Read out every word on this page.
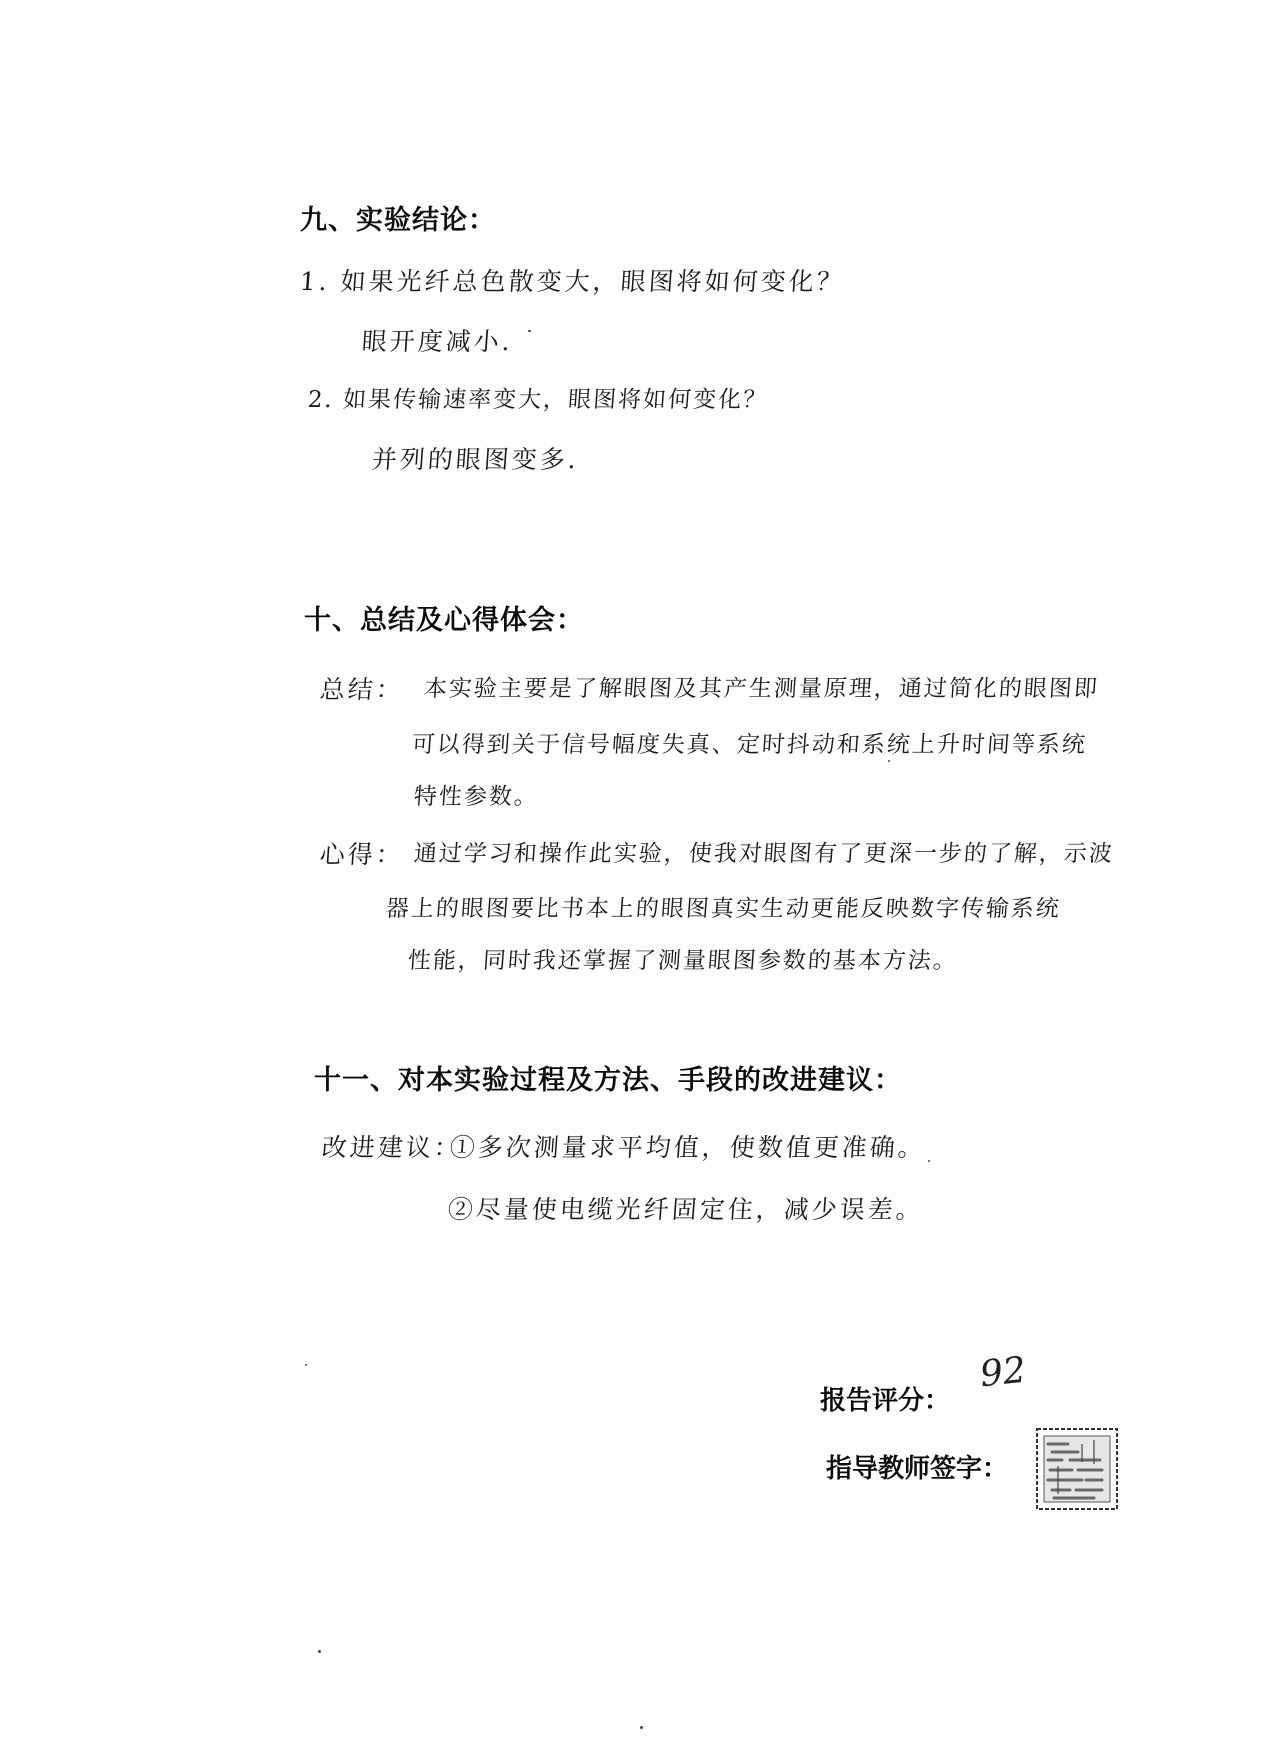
九、实验结论：
1. 如果光纤总色散变大，眼图将如何变化？
眼开度减小.
2. 如果传输速率变大，眼图将如何变化？
并列的眼图变多.
十、总结及心得体会：
总结： 本实验主要是了解眼图及其产生测量原理，通过简化的眼图即
可以得到关于信号幅度失真、定时抖动和系统上升时间等系统
特性参数。
心得： 通过学习和操作此实验，使我对眼图有了更深一步的了解，示波
器上的眼图要比书本上的眼图真实生动更能反映数字传输系统
性能，同时我还掌握了测量眼图参数的基本方法。
十一、对本实验过程及方法、手段的改进建议：
改进建议：
①多次测量求平均值，使数值更准确。
②尽量使电缆光纤固定住，减少误差。
报告评分：
92
指导教师签字：
